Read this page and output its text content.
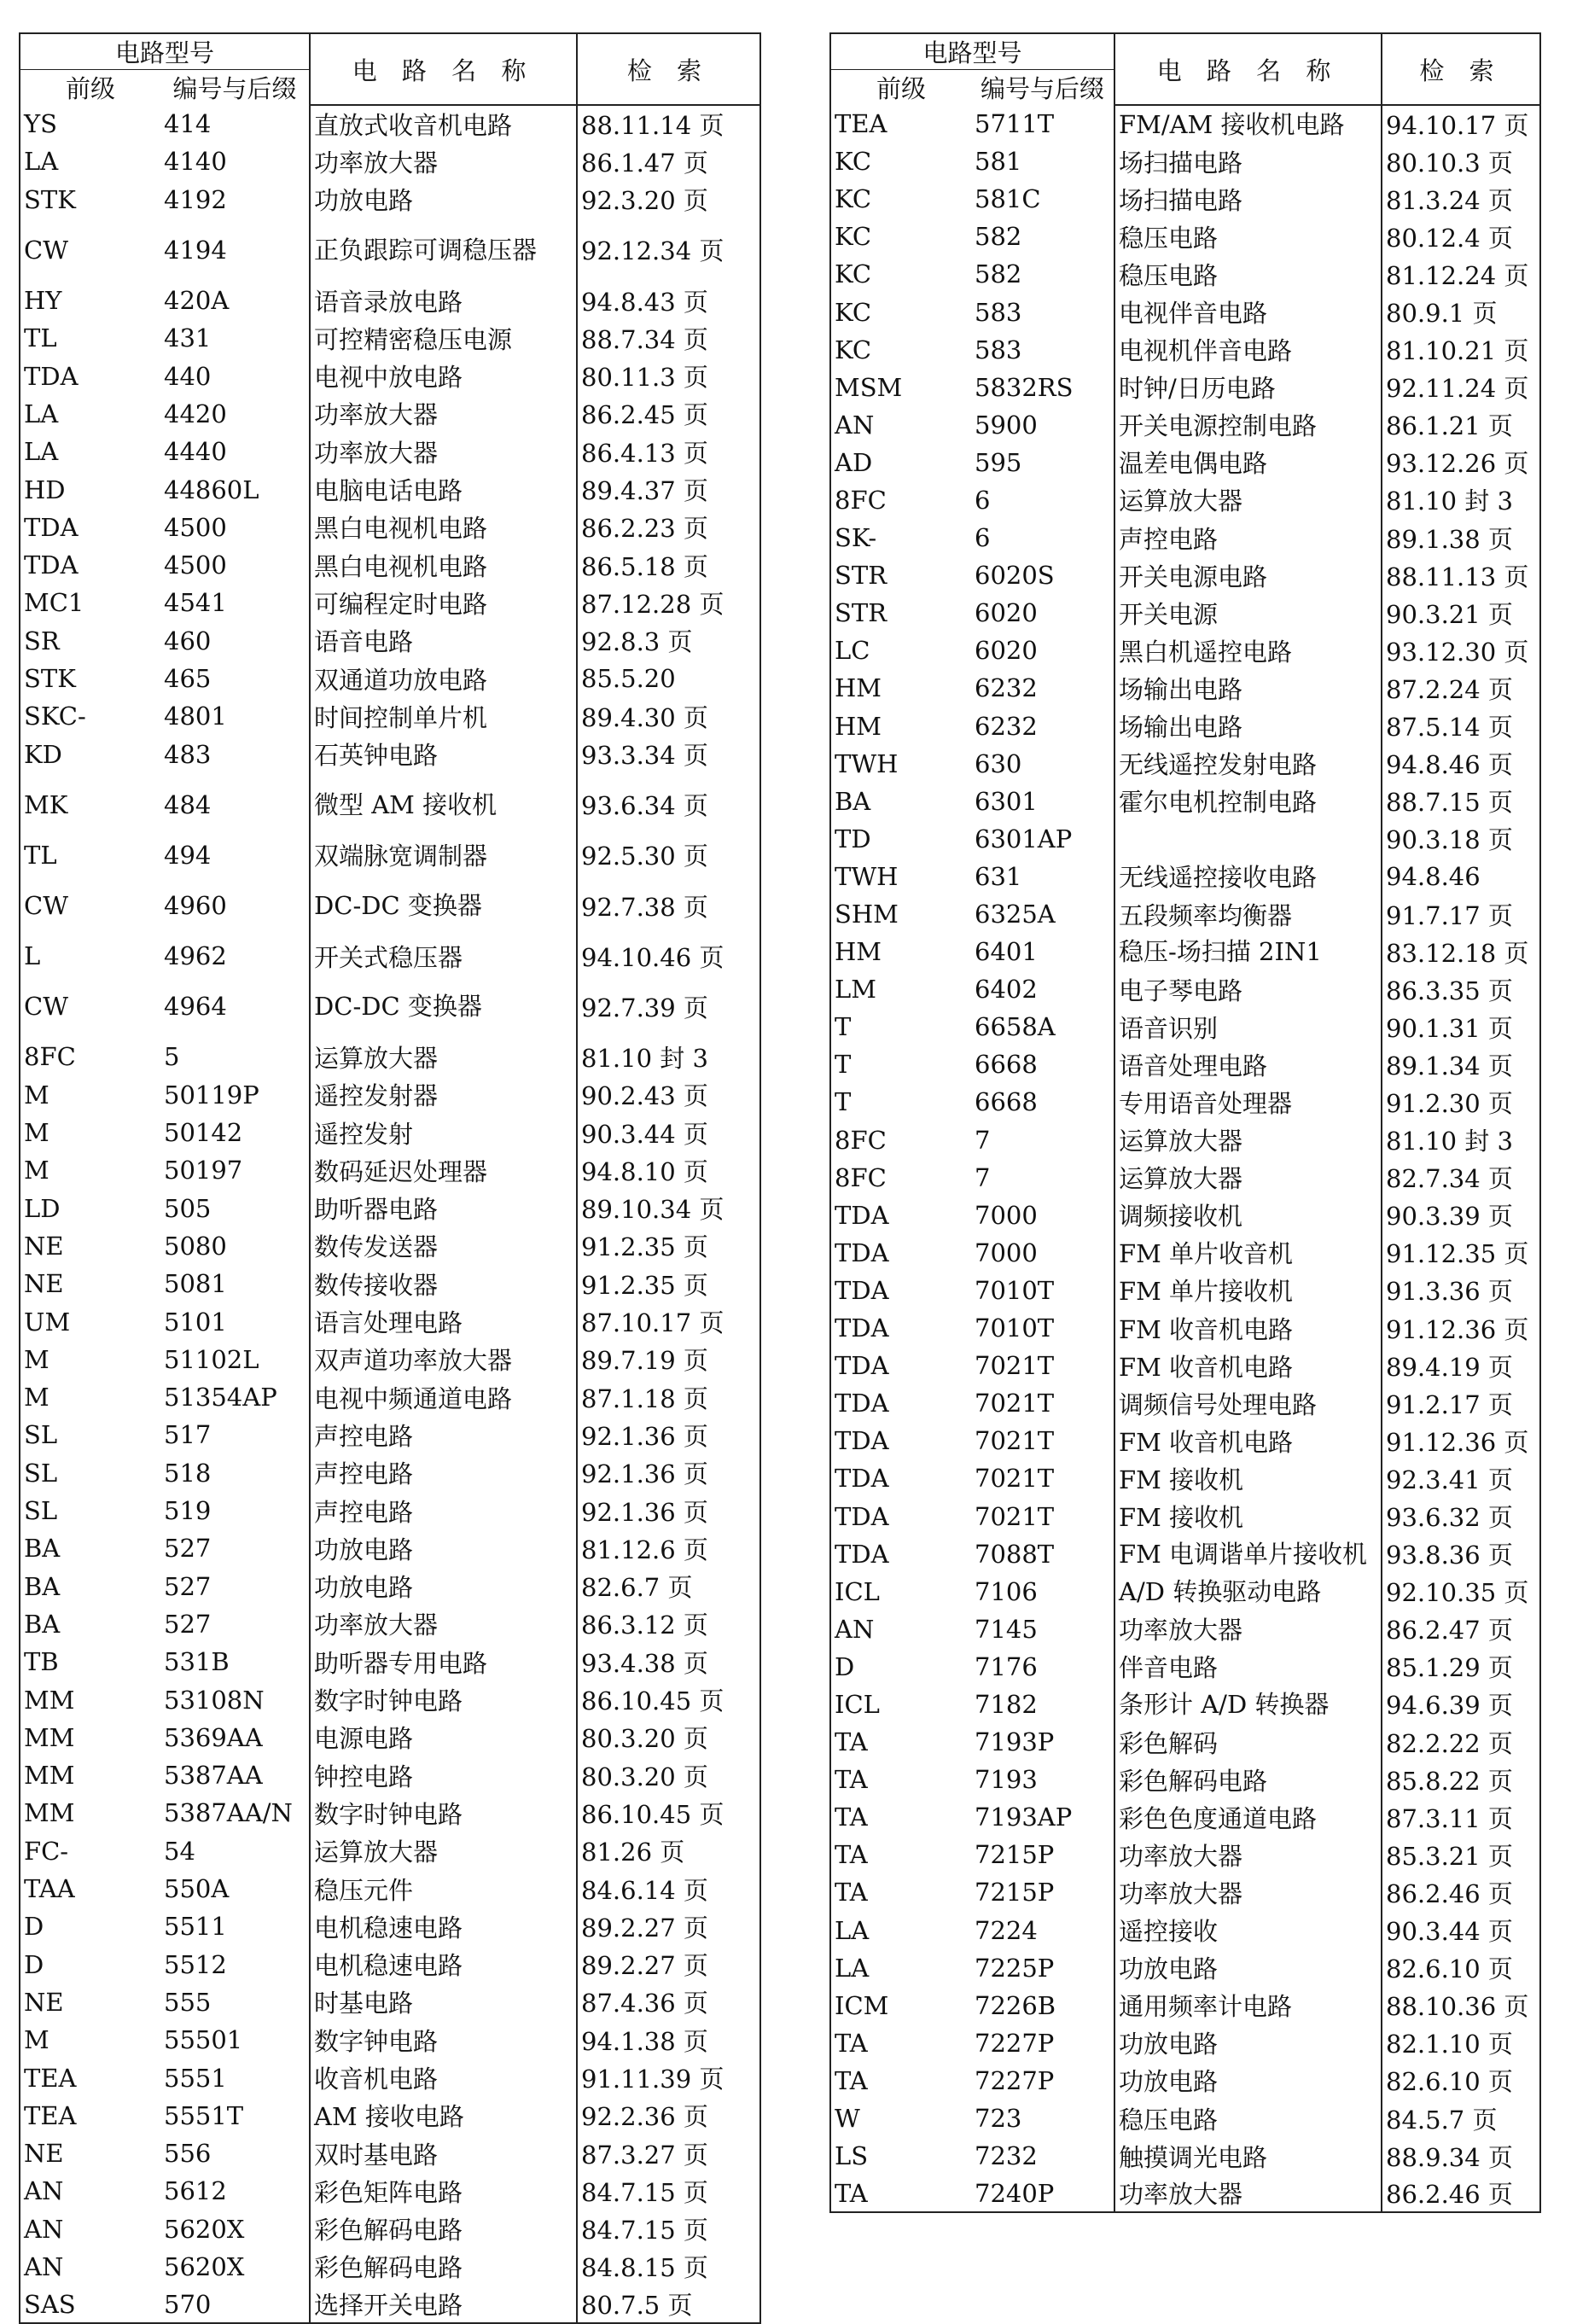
电路型号		电 路 名 称	检 索
前级	编号与后缀		
YS	414	直放式收音机电路	88.11.14 页
LA	4140	功率放大器	86.1.47 页
STK	4192	功放电路	92.3.20 页
CW	4194	正负跟踪可调稳压器	92.12.34 页
HY	420A	语音录放电路	94.8.43 页
TL	431	可控精密稳压电源	88.7.34 页
TDA	440	电视中放电路	80.11.3 页
LA	4420	功率放大器	86.2.45 页
LA	4440	功率放大器	86.4.13 页
HD	44860L	电脑电话电路	89.4.37 页
TDA	4500	黑白电视机电路	86.2.23 页
TDA	4500	黑白电视机电路	86.5.18 页
MC1	4541	可编程定时电路	87.12.28 页
SR	460	语音电路	92.8.3 页
STK	465	双通道功放电路	85.5.20
SKC-	4801	时间控制单片机	89.4.30 页
KD	483	石英钟电路	93.3.34 页
MK	484	微型 AM 接收机	93.6.34 页
TL	494	双端脉宽调制器	92.5.30 页
CW	4960	DC-DC 变换器	92.7.38 页
L	4962	开关式稳压器	94.10.46 页
CW	4964	DC-DC 变换器	92.7.39 页
8FC	5	运算放大器	81.10 封 3
M	50119P	遥控发射器	90.2.43 页
M	50142	遥控发射	90.3.44 页
M	50197	数码延迟处理器	94.8.10 页
LD	505	助听器电路	89.10.34 页
NE	5080	数传发送器	91.2.35 页
NE	5081	数传接收器	91.2.35 页
UM	5101	语言处理电路	87.10.17 页
M	51102L	双声道功率放大器	89.7.19 页
M	51354AP	电视中频通道电路	87.1.18 页
SL	517	声控电路	92.1.36 页
SL	518	声控电路	92.1.36 页
SL	519	声控电路	92.1.36 页
BA	527	功放电路	81.12.6 页
BA	527	功放电路	82.6.7 页
BA	527	功率放大器	86.3.12 页
TB	531B	助听器专用电路	93.4.38 页
MM	53108N	数字时钟电路	86.10.45 页
MM	5369AA	电源电路	80.3.20 页
MM	5387AA	钟控电路	80.3.20 页
MM	5387AA/N	数字时钟电路	86.10.45 页
FC-	54	运算放大器	81.26 页
TAA	550A	稳压元件	84.6.14 页
D	5511	电机稳速电路	89.2.27 页
D	5512	电机稳速电路	89.2.27 页
NE	555	时基电路	87.4.36 页
M	55501	数字钟电路	94.1.38 页
TEA	5551	收音机电路	91.11.39 页
TEA	5551T	AM 接收电路	92.2.36 页
NE	556	双时基电路	87.3.27 页
AN	5612	彩色矩阵电路	84.7.15 页
AN	5620X	彩色解码电路	84.7.15 页
AN	5620X	彩色解码电路	84.8.15 页
SAS	570	选择开关电路	80.7.5 页
电路型号		电 路 名 称	检 索
前级	编号与后缀		
TEA	5711T	FM/AM 接收机电路	94.10.17 页
KC	581	场扫描电路	80.10.3 页
KC	581C	场扫描电路	81.3.24 页
KC	582	稳压电路	80.12.4 页
KC	582	稳压电路	81.12.24 页
KC	583	电视伴音电路	80.9.1 页
KC	583	电视机伴音电路	81.10.21 页
MSM	5832RS	时钟/日历电路	92.11.24 页
AN	5900	开关电源控制电路	86.1.21 页
AD	595	温差电偶电路	93.12.26 页
8FC	6	运算放大器	81.10 封 3
SK-	6	声控电路	89.1.38 页
STR	6020S	开关电源电路	88.11.13 页
STR	6020	开关电源	90.3.21 页
LC	6020	黑白机遥控电路	93.12.30 页
HM	6232	场输出电路	87.2.24 页
HM	6232	场输出电路	87.5.14 页
TWH	630	无线遥控发射电路	94.8.46 页
BA	6301	霍尔电机控制电路	88.7.15 页
TD	6301AP		90.3.18 页
TWH	631	无线遥控接收电路	94.8.46
SHM	6325A	五段频率均衡器	91.7.17 页
HM	6401	稳压-场扫描 2IN1	83.12.18 页
LM	6402	电子琴电路	86.3.35 页
T	6658A	语音识别	90.1.31 页
T	6668	语音处理电路	89.1.34 页
T	6668	专用语音处理器	91.2.30 页
8FC	7	运算放大器	81.10 封 3
8FC	7	运算放大器	82.7.34 页
TDA	7000	调频接收机	90.3.39 页
TDA	7000	FM 单片收音机	91.12.35 页
TDA	7010T	FM 单片接收机	91.3.36 页
TDA	7010T	FM 收音机电路	91.12.36 页
TDA	7021T	FM 收音机电路	89.4.19 页
TDA	7021T	调频信号处理电路	91.2.17 页
TDA	7021T	FM 收音机电路	91.12.36 页
TDA	7021T	FM 接收机	92.3.41 页
TDA	7021T	FM 接收机	93.6.32 页
TDA	7088T	FM 电调谐单片接收机	93.8.36 页
ICL	7106	A/D 转换驱动电路	92.10.35 页
AN	7145	功率放大器	86.2.47 页
D	7176	伴音电路	85.1.29 页
ICL	7182	条形计 A/D 转换器	94.6.39 页
TA	7193P	彩色解码	82.2.22 页
TA	7193	彩色解码电路	85.8.22 页
TA	7193AP	彩色色度通道电路	87.3.11 页
TA	7215P	功率放大器	85.3.21 页
TA	7215P	功率放大器	86.2.46 页
LA	7224	遥控接收	90.3.44 页
LA	7225P	功放电路	82.6.10 页
ICM	7226B	通用频率计电路	88.10.36 页
TA	7227P	功放电路	82.1.10 页
TA	7227P	功放电路	82.6.10 页
W	723	稳压电路	84.5.7 页
LS	7232	触摸调光电路	88.9.34 页
TA	7240P	功率放大器	86.2.46 页
